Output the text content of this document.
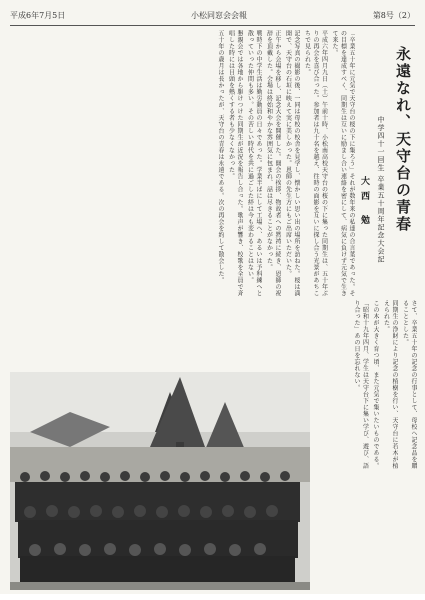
平成6年7月5日	小松同窓会会報	第8号（2）
永遠なれ、天守台の青春
中学四十一回生 卒業五十周年記念大会記
大西 勉
「卒業五十年に元気で天守台の桜の下に集ろう」それが数年来の私達の合言葉であった。その目標を達成すべく、同期生は互いに励まし合い連絡を密にして、病気に負けず元気で生きて来た。
平成六年四月九日（土）午前十時、小松南高校天守台の桜の下に集った同期生は、五十年ぶりの再会を喜び合った。参加者は九十名を越え、往時の面影を互いに探し合う光景があちこちで見られた。
記念写真の撮影の後、一同は母校の校舎を見学し、懐かしい思い出の場所を訪ねた。桜は満開で、天守台の石垣に映えて実に美しかった。恩師の先生方にもご出席いただいた。
正午から会場を移し、記念大会を開催した。開会の挨拶、物故者への黙祷に続き、恩師の祝辞を頂戴した。会場は終始和やかな雰囲気に包まれ、話は尽きることがなかった。
戦時下の中学生活は勤労動員の日々であった。学業半ばにして工場へ、あるいは予科練へと散っていった仲間も多い。その苦しい時代を共に過ごした絆は今も変わることはない。
懇親会では各地から駆けつけた同期生が近況を報告し合った。歌声が響き、校歌を全員で斉唱した時には目頭を熱くする者も少なくなかった。
五十年の歳月は長かったが、天守台の青春は永遠である。次の再会を約して散会した。
さて、卒業五十年の記念の行事として、母校へ記念品を贈ることとした。
同期生の浄財により記念の植樹を行い、天守台に若木が植えられた。
この木が大きく育つ頃、また元気で集いたいものである。
「昭和十九年四月、学生は天守台下に集い学び、遊び、語り合った」あの日を忘れない。
